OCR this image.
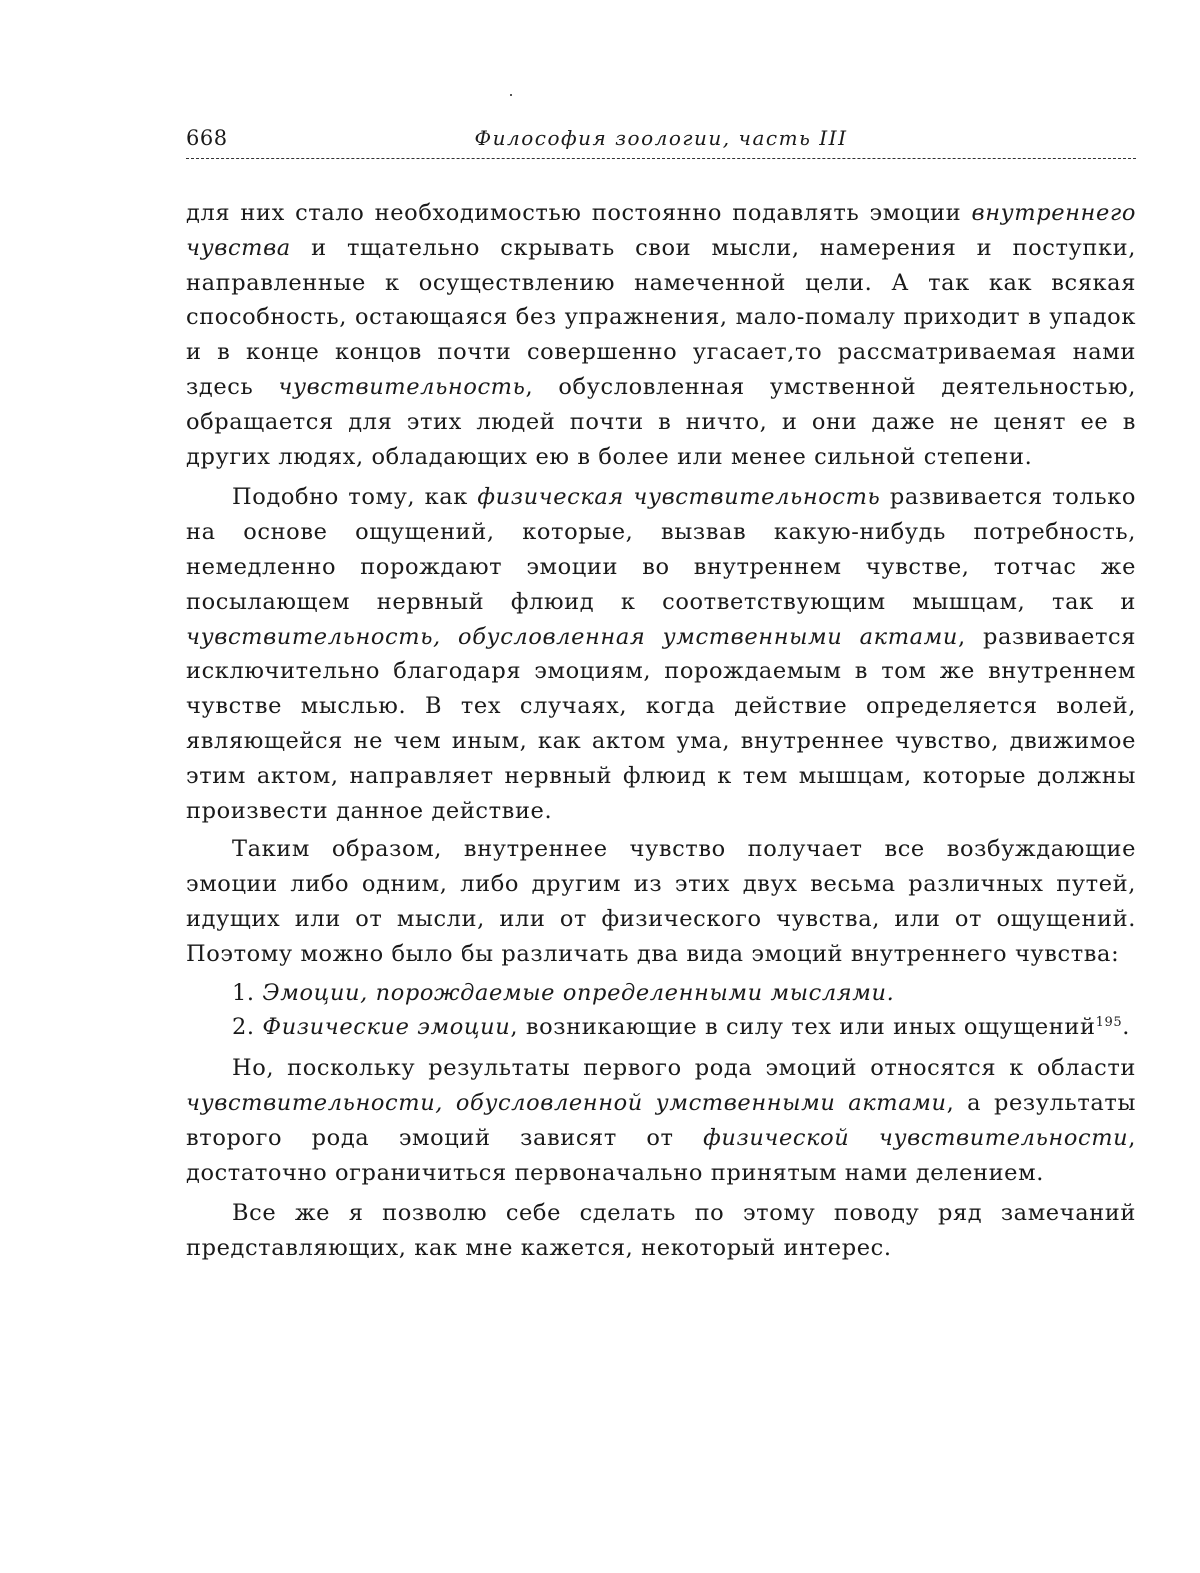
668	Философия зоологии, часть III

для них стало необходимостью постоянно подавлять эмоции внутреннего чувства и тщательно скрывать свои мысли, намерения и поступки, направленные к осуществлению намеченной цели. А так как всякая способность, остающаяся без упражнения, мало-помалу приходит в упадок и в конце концов почти совершенно угасает,то рассматриваемая нами здесь чувствительность, обусловленная умственной деятельностью, обращается для этих людей почти в ничто, и они даже не ценят ее в других людях, обладающих ею в более или менее сильной степени.

Подобно тому, как физическая чувствительность развивается только на основе ощущений, которые, вызвав какую-нибудь потребность, немедленно порождают эмоции во внутреннем чувстве, тотчас же посылающем нервный флюид к соответствующим мышцам, так и чувствительность, обусловленная умственными актами, развивается исключительно благодаря эмоциям, порождаемым в том же внутреннем чувстве мыслью. В тех случаях, когда действие определяется волей, являющейся не чем иным, как актом ума, внутреннее чувство, движимое этим актом, направляет нервный флюид к тем мышцам, которые должны произвести данное действие.

Таким образом, внутреннее чувство получает все возбуждающие эмоции либо одним, либо другим из этих двух весьма различных путей, идущих или от мысли, или от физического чувства, или от ощущений. Поэтому можно было бы различать два вида эмоций внутреннего чувства:

1. Эмоции, порождаемые определенными мыслями.

2. Физические эмоции, возникающие в силу тех или иных ощущений$^{195}$.

Но, поскольку результаты первого рода эмоций относятся к области чувствительности, обусловленной умственными актами, а результаты второго рода эмоций зависят от физической чувствительности, достаточно ограничиться первоначально принятым нами делением.

Все же я позволю себе сделать по этому поводу ряд замечаний представляющих, как мне кажется, некоторый интерес.
